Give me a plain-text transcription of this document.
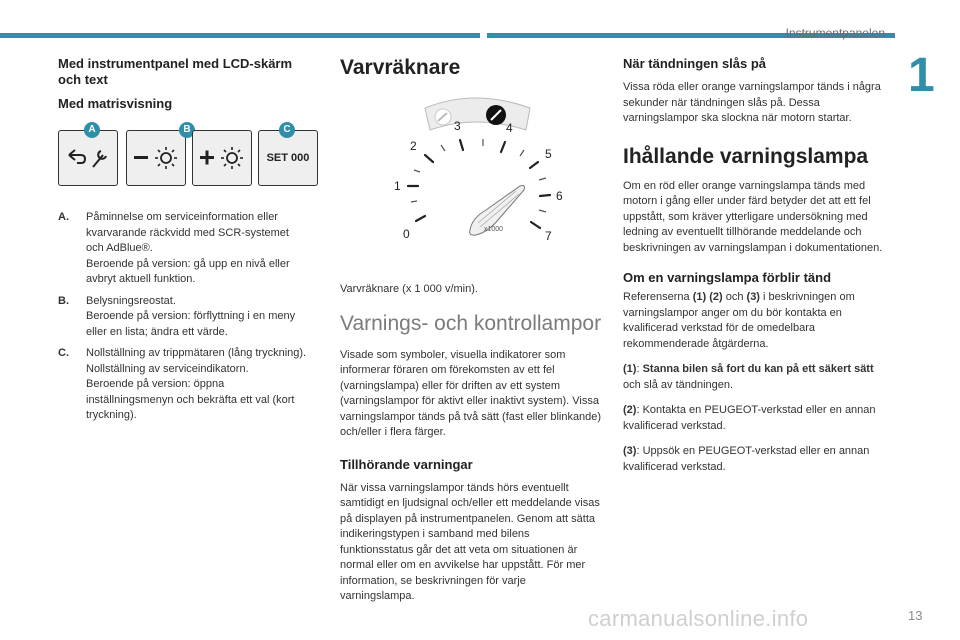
Instrumentpanelen
1
13
carmanualsonline.info
Med instrumentpanel med LCD-skärm och text
Med matrisvisning
A	B
SET 000
C
A.	Påminnelse om serviceinformation eller kvarvarande räckvidd med SCR-systemet och AdBlue®.
Beroende på version: gå upp en nivå eller avbryt aktuell funktion.
B.	Belysningsreostat.
Beroende på version: förflyttning i en meny eller en lista; ändra ett värde.
C.	Nollställning av trippmätaren (lång tryckning).
Nollställning av serviceindikatorn.
Beroende på version: öppna inställningsmenyn och bekräfta ett val (kort tryckning).
Varvräknare
0
1
2
3	4
5
6
7
x1000

Varvräknare (x 1 000 v/min).

Varnings- och kontrollampor

Visade som symboler, visuella indikatorer som informerar föraren om förekomsten av ett fel (varningslampa) eller för driften av ett system (varningslampor för aktivt eller inaktivt system). Vissa varningslampor tänds på två sätt (fast eller blinkande) och/eller i flera färger.

Tillhörande varningar

När vissa varningslampor tänds hörs eventuellt samtidigt en ljudsignal och/eller ett meddelande visas på displayen på instrumentpanelen. Genom att sätta indikeringstypen i samband med bilens funktionsstatus går det att veta om situationen är normal eller om en avvikelse har uppstått. För mer information, se beskrivningen för varje varningslampa.

När tändningen slås på

Vissa röda eller orange varningslampor tänds i några sekunder när tändningen slås på. Dessa varningslampor ska slockna när motorn startar.

Ihållande varningslampa

Om en röd eller orange varningslampa tänds med motorn i gång eller under färd betyder det att ett fel uppstått, som kräver ytterligare undersökning med ledning av eventuellt tillhörande meddelande och beskrivningen av varningslampan i dokumentationen.

Om en varningslampa förblir tänd

Referenserna (1) (2) och (3) i beskrivningen om varningslampor anger om du bör kontakta en kvalificerad verkstad för de omedelbara rekommenderade åtgärderna.

(1): Stanna bilen så fort du kan på ett säkert sätt och slå av tändningen.

(2): Kontakta en PEUGEOT-verkstad eller en annan kvalificerad verkstad.

(3): Uppsök en PEUGEOT-verkstad eller en annan kvalificerad verkstad.
